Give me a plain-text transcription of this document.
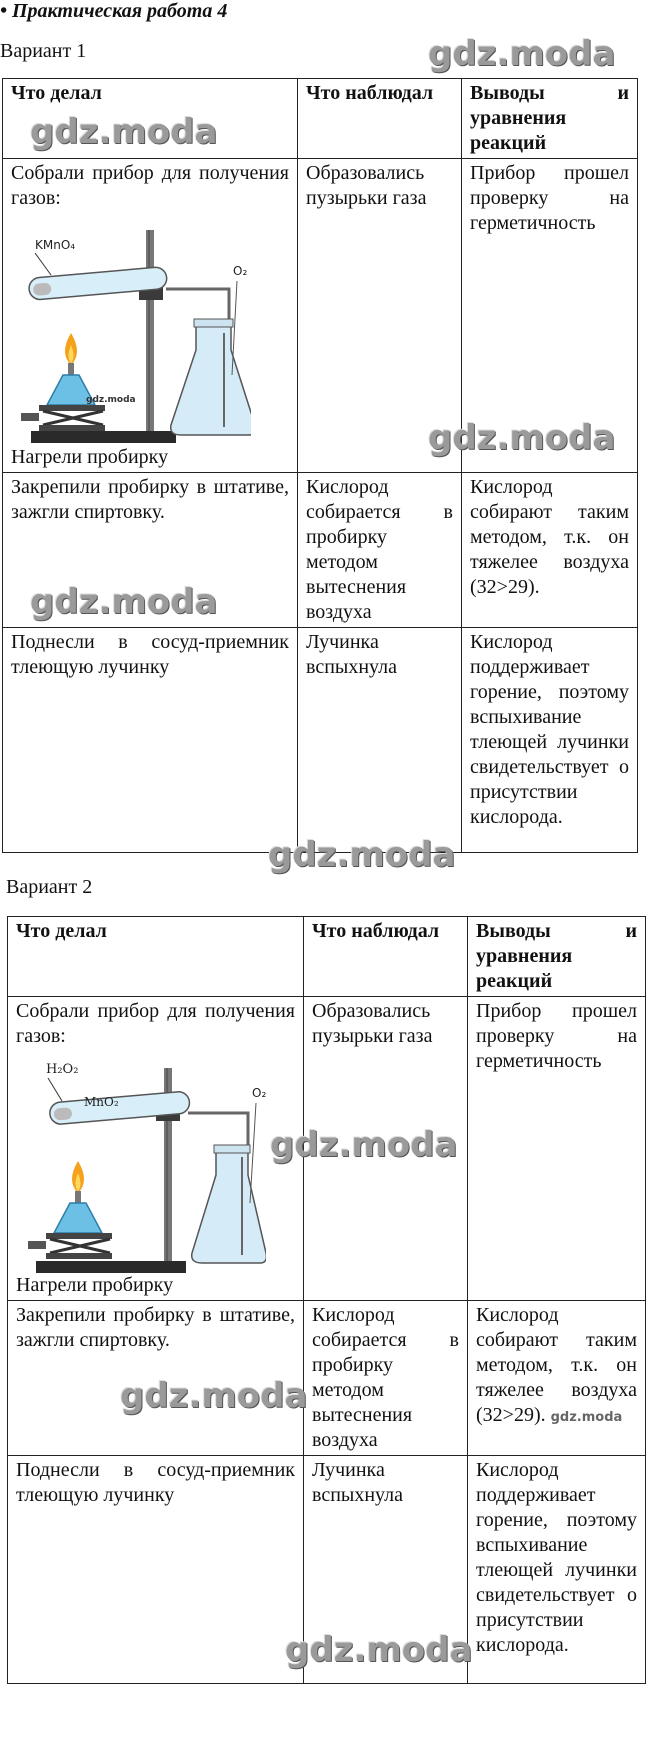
• Практическая работа 4
Вариант 1
Что делал	Что наблюдал	Выводы и
уравнения
реакций

Собрали прибор для получения газов:
KMnO₄
O₂
gdz.moda
Нагрели пробирку	Образовались пузырьки газа	Прибор прошел проверку на герметичность
Закрепили пробирку в штативе, зажгли спиртовку.	Кислород собирается в пробирку методом вытеснения воздуха	Кислород собирают таким методом, т.к. он тяжелее воздуха (32>29).
Поднесли в сосуд-приемник тлеющую лучинку	Лучинка вспыхнула	Кислород поддерживает горение, поэтому вспыхивание тлеющей лучинки свидетельствует о присутствии кислорода.
Вариант 2
Что делал	Что наблюдал	Выводы и
уравнения
реакций

Собрали прибор для получения газов:
H₂O₂
MnO₂
O₂
Нагрели пробирку	Образовались пузырьки газа	Прибор прошел проверку на герметичность
Закрепили пробирку в штативе, зажгли спиртовку.	Кислород собирается в пробирку методом вытеснения воздуха	Кислород собирают таким методом, т.к. он тяжелее воздуха (32>29). gdz.moda
Поднесли в сосуд-приемник тлеющую лучинку	Лучинка вспыхнула	Кислород поддерживает горение, поэтому вспыхивание тлеющей лучинки свидетельствует о присутствии кислорода.
gdz.moda
gdz.moda
gdz.moda
gdz.moda
gdz.moda
gdz.moda
gdz.moda
gdz.moda
